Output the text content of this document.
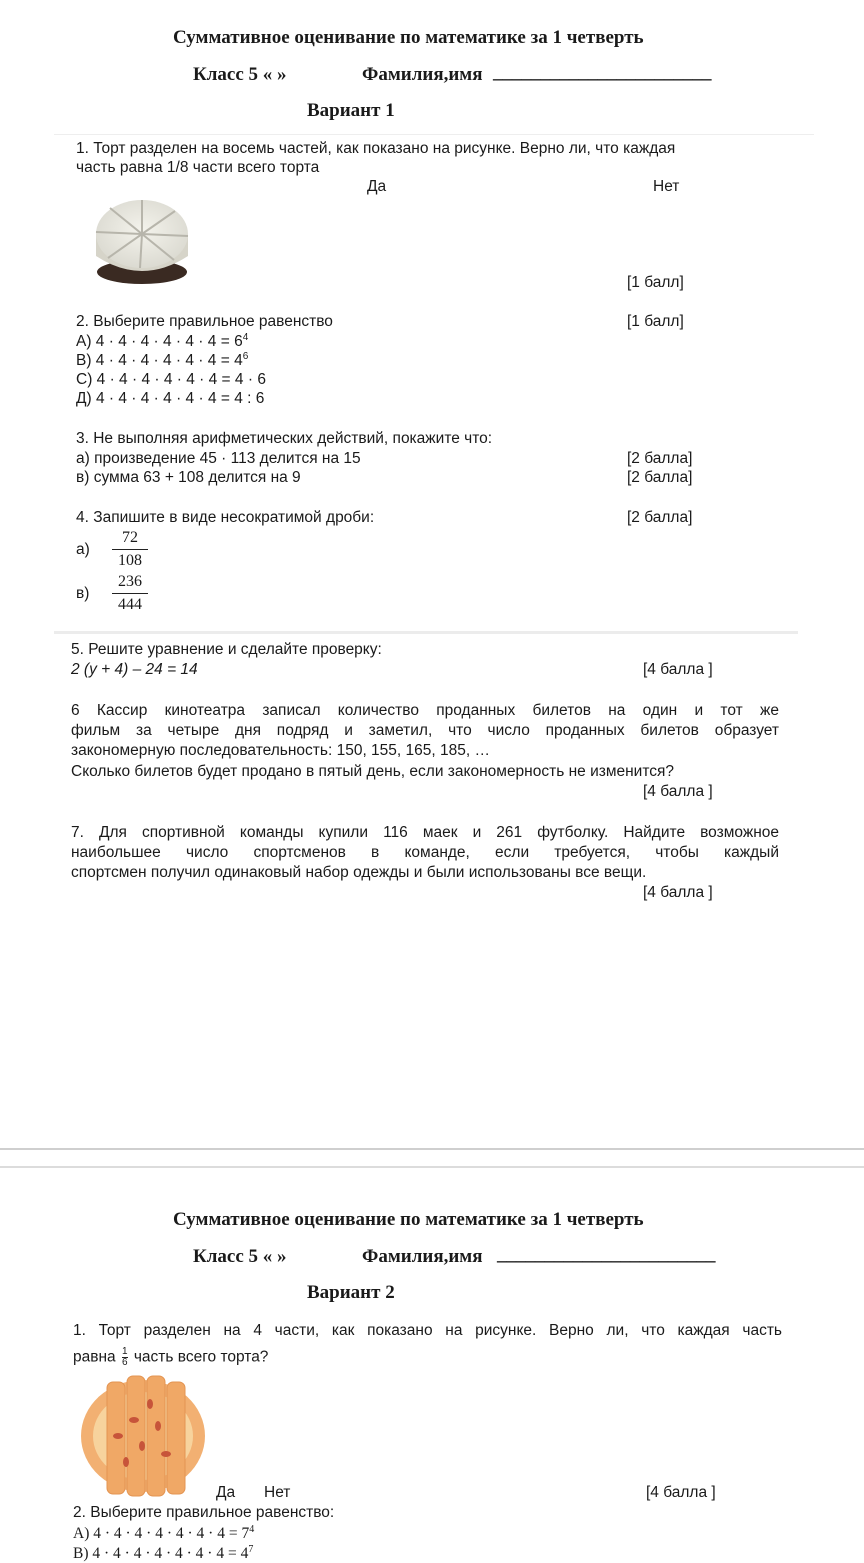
Суммативное оценивание по математике за 1 четверть
Класс 5 « »	Фамилия,имя _______________________
Вариант 1
1. Торт разделен на восемь частей, как показано на рисунке. Верно ли, что каждая
часть равна 1/8 части всего торта
Да	Нет
[1 балл]
2. Выберите правильное равенство	[1 балл]
А) $4 \cdot 4 \cdot 4 \cdot 4 \cdot 4 \cdot 4 = 6^4$
В) $4 \cdot 4 \cdot 4 \cdot 4 \cdot 4 \cdot 4 = 4^6$
С) 4 · 4 · 4 · 4 · 4 · 4 = 4 · 6
Д) 4 · 4 · 4 · 4 · 4 · 4 = 4 : 6
3. Не выполняя арифметических действий, покажите что:
а) произведение 45 · 113 делится на 15	[2 балла]
в) сумма 63 + 108 делится на 9	[2 балла]
4. Запишите в виде несократимой дроби:	[2 балла]
а)
72
108
в)
236
444
5. Решите уравнение и сделайте проверку:
2 (y + 4) – 24 = 14	[4 балла ]
6 Кассир кинотеатра записал количество проданных билетов на один и тот же
фильм за четыре дня подряд и заметил, что число проданных билетов образует
закономерную последовательность: 150, 155, 165, 185, …
Сколько билетов будет продано в пятый день, если закономерность не изменится?
[4 балла ]
7. Для спортивной команды купили 116 маек и 261 футболку. Найдите возможное
наибольшее число спортсменов в команде, если требуется, чтобы каждый
спортсмен получил одинаковый набор одежды и были использованы все вещи.
[4 балла ]
Суммативное оценивание по математике за 1 четверть
Класс 5 « »	Фамилия,имя _______________________
Вариант 2
1. Торт разделен на 4 части, как показано на рисунке. Верно ли, что каждая часть
равна $\frac{1}{6}$ часть всего торта?
Да Нет	[4 балла ]
2. Выберите правильное равенство:
А) $4 \cdot 4 \cdot 4 \cdot 4 \cdot 4 \cdot 4 \cdot 4 = 7^4$
В) $4 \cdot 4 \cdot 4 \cdot 4 \cdot 4 \cdot 4 \cdot 4 = 4^7$
